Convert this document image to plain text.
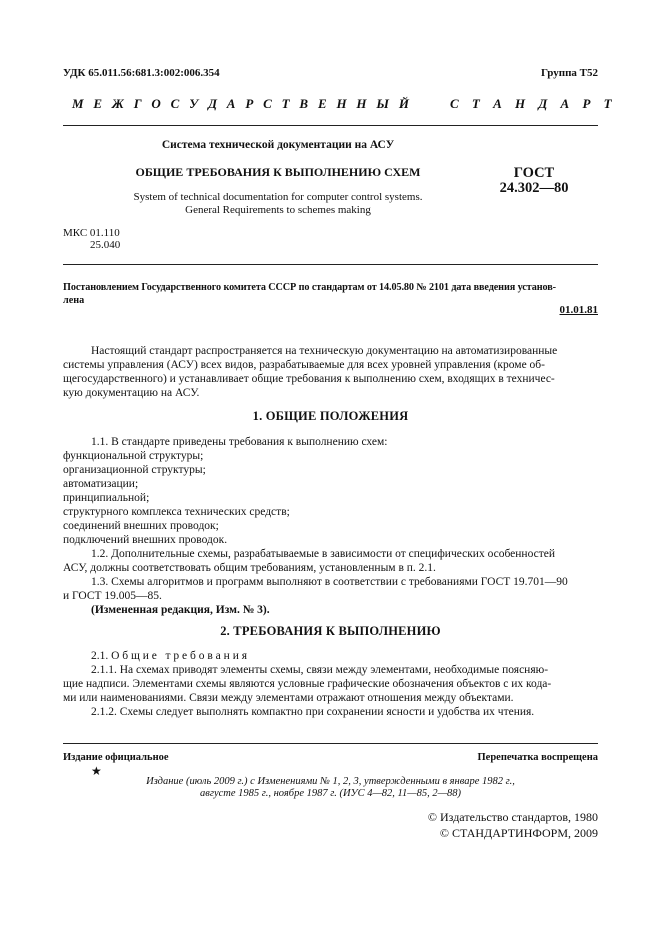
УДК 65.011.56:681.3:002:006.354	Группа Т52
М Е Ж Г О С У Д А Р С Т В Е Н Н Ы Й	С Т А Н Д А Р Т
Система технической документации на АСУ
ОБЩИЕ ТРЕБОВАНИЯ К ВЫПОЛНЕНИЮ СХЕМ
System of technical documentation for computer control systems.
General Requirements to schemes making
ГОСТ
24.302—80
МКС 01.110
25.040
Постановлением Государственного комитета СССР по стандартам от 14.05.80 № 2101 дата введения установ-
лена
01.01.81
Настоящий стандарт распространяется на техническую документацию на автоматизированные
системы управления (АСУ) всех видов, разрабатываемые для всех уровней управления (кроме об-
щегосударственного) и устанавливает общие требования к выполнению схем, входящих в техничес-
кую документацию на АСУ.
1. ОБЩИЕ ПОЛОЖЕНИЯ
1.1. В стандарте приведены требования к выполнению схем:
функциональной структуры;
организационной структуры;
автоматизации;
принципиальной;
структурного комплекса технических средств;
соединений внешних проводок;
подключений внешних проводок.
1.2. Дополнительные схемы, разрабатываемые в зависимости от специфических особенностей
АСУ, должны соответствовать общим требованиям, установленным в п. 2.1.
1.3. Схемы алгоритмов и программ выполняют в соответствии с требованиями ГОСТ 19.701—90
и ГОСТ 19.005—85.
(Измененная редакция, Изм. № 3).
2. ТРЕБОВАНИЯ К ВЫПОЛНЕНИЮ
2.1. О б щ и е   т р е б о в а н и я
2.1.1. На схемах приводят элементы схемы, связи между элементами, необходимые поясняю-
щие надписи. Элементами схемы являются условные графические обозначения объектов с их кода-
ми или наименованиями. Связи между элементами отражают отношения между объектами.
2.1.2. Схемы следует выполнять компактно при сохранении ясности и удобства их чтения.
Издание официальное	Перепечатка воспрещена
★
Издание (июль 2009 г.) с Изменениями № 1, 2, 3, утвержденными в январе 1982 г.,
августе 1985 г., ноябре 1987 г. (ИУС 4—82, 11—85, 2—88)
© Издательство стандартов, 1980
© СТАНДАРТИНФОРМ, 2009
